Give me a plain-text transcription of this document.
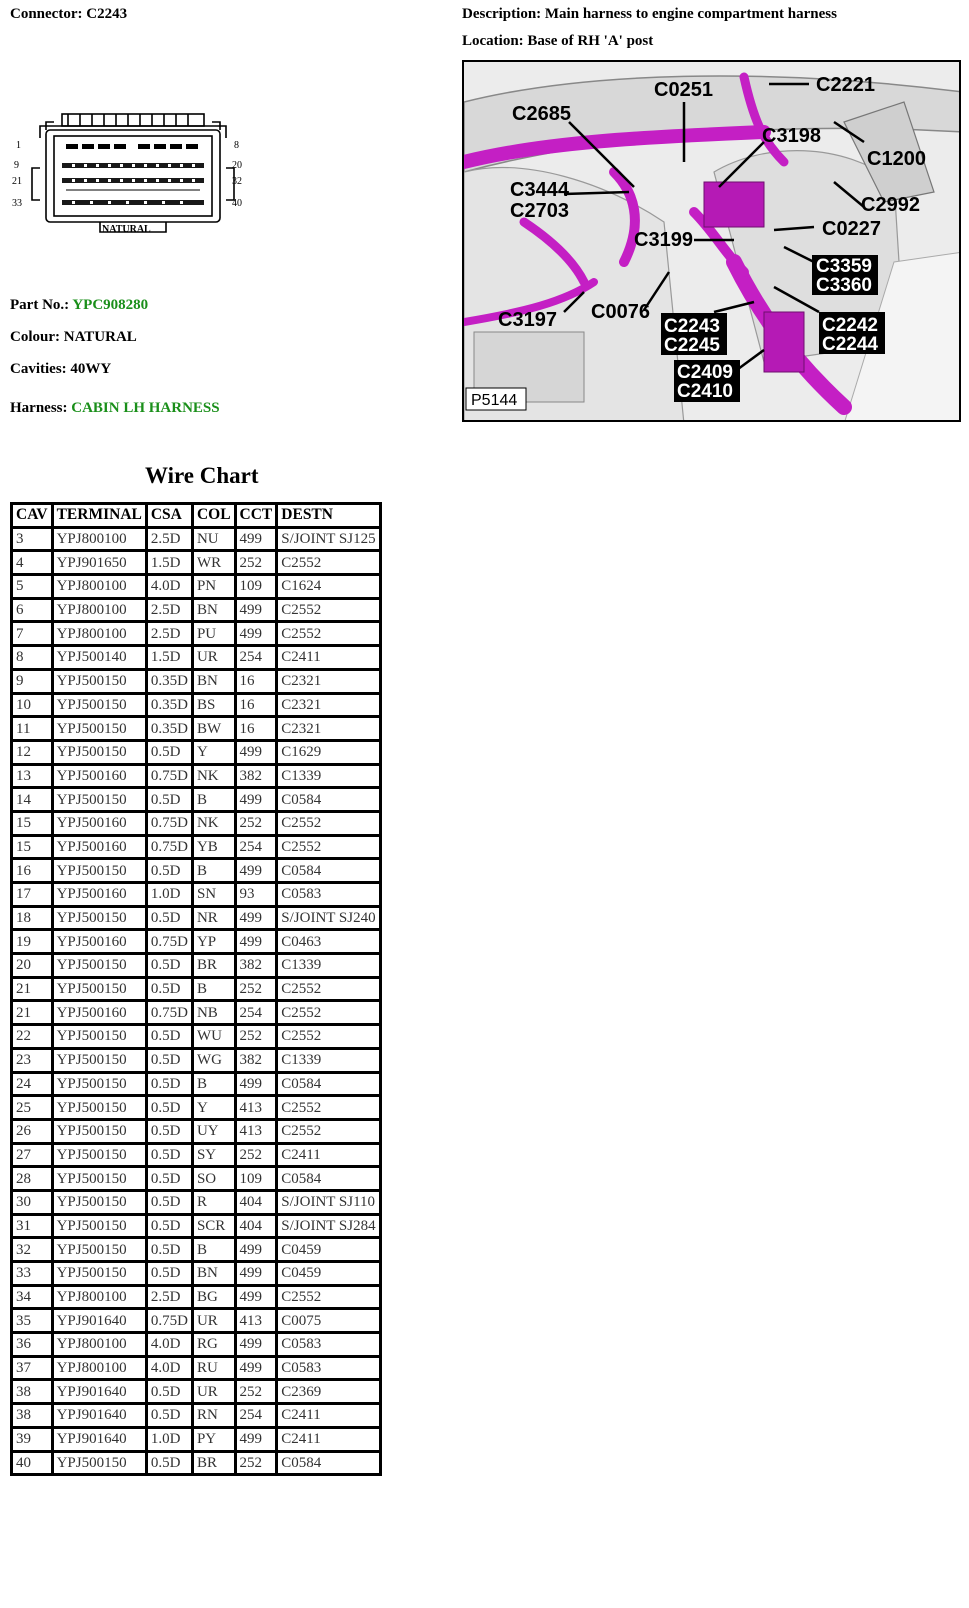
Connector: C2243	Description: Main harness to engine compartment harness
Location: Base of RH 'A' post
1	8
9	20
21	32
33	40
NATURAL
C2221
C0251
C2685
C3198
C1200
C3444
C2703	C2992
C0227
C3199
C3359
C3360
C3197 C0076
C2243
C2245
C2242
C2244
C2409
C2410
P5144
Part No.: YPC908280
Colour: NATURAL
Cavities: 40WY
Harness: CABIN LH HARNESS
Wire Chart
CAV	TERMINAL	CSA	COL	CCT	DESTN
3	YPJ800100	2.5D	NU	499	S/JOINT SJ125
4	YPJ901650	1.5D	WR	252	C2552
5	YPJ800100	4.0D	PN	109	C1624
6	YPJ800100	2.5D	BN	499	C2552
7	YPJ800100	2.5D	PU	499	C2552
8	YPJ500140	1.5D	UR	254	C2411
9	YPJ500150	0.35D	BN	16	C2321
10	YPJ500150	0.35D	BS	16	C2321
11	YPJ500150	0.35D	BW	16	C2321
12	YPJ500150	0.5D	Y	499	C1629
13	YPJ500160	0.75D	NK	382	C1339
14	YPJ500150	0.5D	B	499	C0584
15	YPJ500160	0.75D	NK	252	C2552
15	YPJ500160	0.75D	YB	254	C2552
16	YPJ500150	0.5D	B	499	C0584
17	YPJ500160	1.0D	SN	93	C0583
18	YPJ500150	0.5D	NR	499	S/JOINT SJ240
19	YPJ500160	0.75D	YP	499	C0463
20	YPJ500150	0.5D	BR	382	C1339
21	YPJ500150	0.5D	B	252	C2552
21	YPJ500160	0.75D	NB	254	C2552
22	YPJ500150	0.5D	WU	252	C2552
23	YPJ500150	0.5D	WG	382	C1339
24	YPJ500150	0.5D	B	499	C0584
25	YPJ500150	0.5D	Y	413	C2552
26	YPJ500150	0.5D	UY	413	C2552
27	YPJ500150	0.5D	SY	252	C2411
28	YPJ500150	0.5D	SO	109	C0584
30	YPJ500150	0.5D	R	404	S/JOINT SJ110
31	YPJ500150	0.5D	SCR	404	S/JOINT SJ284
32	YPJ500150	0.5D	B	499	C0459
33	YPJ500150	0.5D	BN	499	C0459
34	YPJ800100	2.5D	BG	499	C2552
35	YPJ901640	0.75D	UR	413	C0075
36	YPJ800100	4.0D	RG	499	C0583
37	YPJ800100	4.0D	RU	499	C0583
38	YPJ901640	0.5D	UR	252	C2369
38	YPJ901640	0.5D	RN	254	C2411
39	YPJ901640	1.0D	PY	499	C2411
40	YPJ500150	0.5D	BR	252	C0584
